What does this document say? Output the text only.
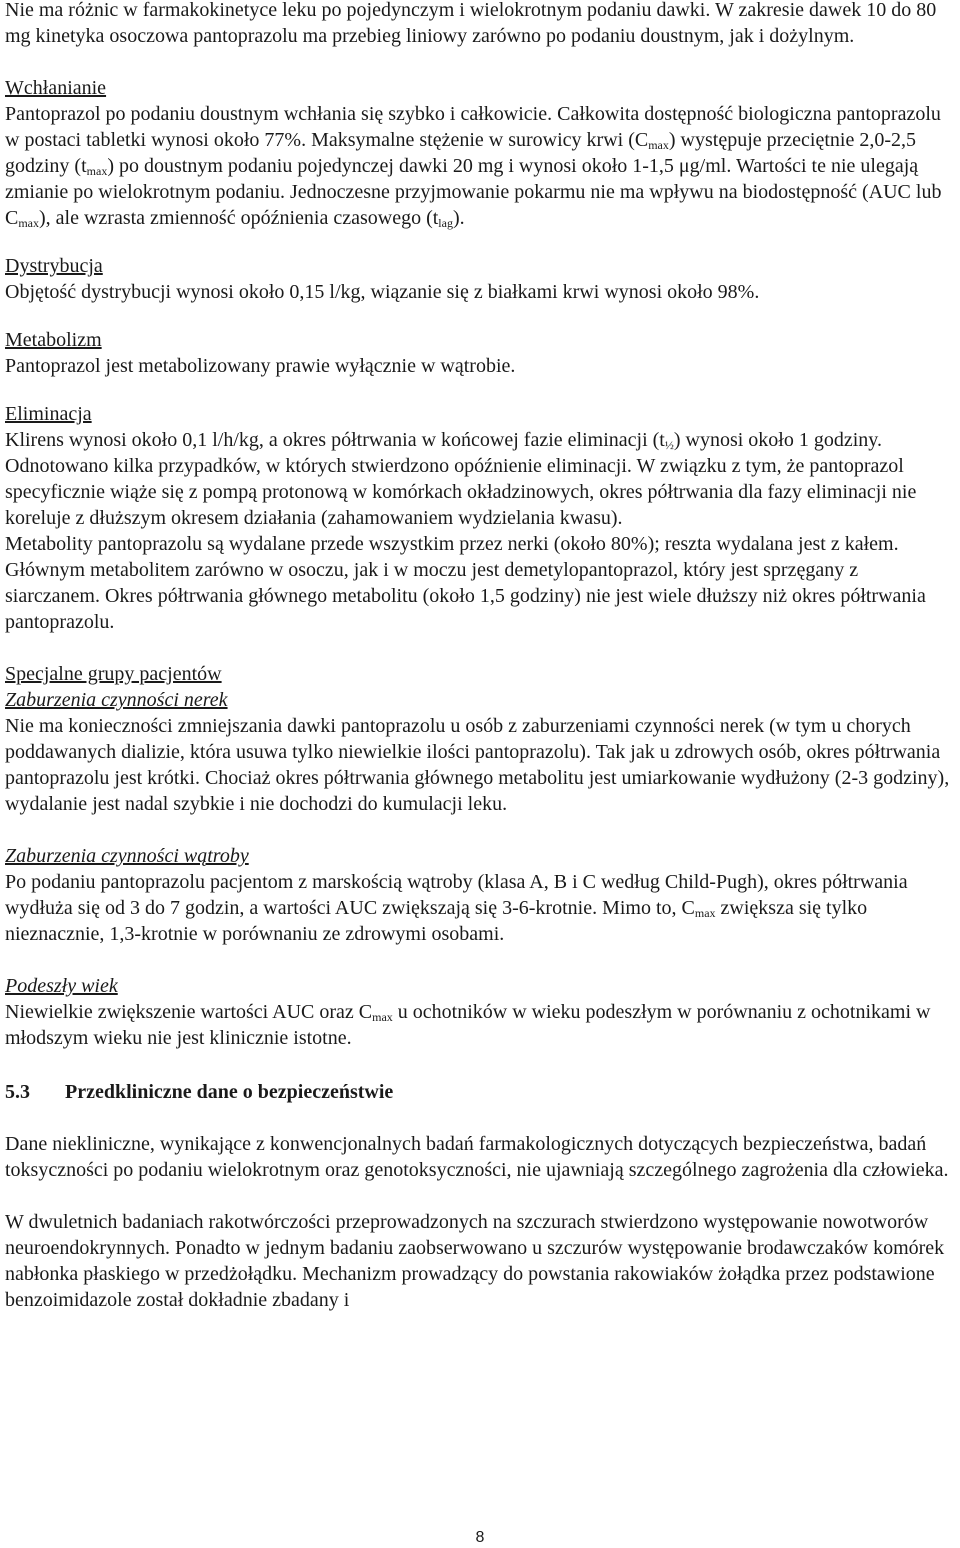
Nie ma różnic w farmakokinetyce leku po pojedynczym i wielokrotnym podaniu dawki. W zakresie dawek 10 do 80 mg kinetyka osoczowa pantoprazolu ma przebieg liniowy zarówno po podaniu doustnym, jak i dożylnym.

Wchłanianie

Pantoprazol po podaniu doustnym wchłania się szybko i całkowicie. Całkowita dostępność biologiczna pantoprazolu w postaci tabletki wynosi około 77%. Maksymalne stężenie w surowicy krwi $(C_{max})$ występuje przeciętnie 2,0-2,5 godziny $(t_{max})$ po doustnym podaniu pojedynczej dawki 20 mg i wynosi około 1-1,5 μg/ml. Wartości te nie ulegają zmianie po wielokrotnym podaniu. Jednoczesne przyjmowanie pokarmu nie ma wpływu na biodostępność (AUC lub $C_{max}$), ale wzrasta zmienność opóźnienia czasowego $(t_{lag})$.

Dystrybucja

Objętość dystrybucji wynosi około 0,15 l/kg, wiązanie się z białkami krwi wynosi około 98%.

Metabolizm

Pantoprazol jest metabolizowany prawie wyłącznie w wątrobie.

Eliminacja

Klirens wynosi około 0,1 l/h/kg, a okres półtrwania w końcowej fazie eliminacji $(t_{\frac{1}{2}})$ wynosi około 1 godziny. Odnotowano kilka przypadków, w których stwierdzono opóźnienie eliminacji. W związku z tym, że pantoprazol specyficznie wiąże się z pompą protonową w komórkach okładzinowych, okres półtrwania dla fazy eliminacji nie koreluje z dłuższym okresem działania (zahamowaniem wydzielania kwasu).

Metabolity pantoprazolu są wydalane przede wszystkim przez nerki (około 80%); reszta wydalana jest z kałem. Głównym metabolitem zarówno w osoczu, jak i w moczu jest demetylopantoprazol, który jest sprzęgany z siarczanem. Okres półtrwania głównego metabolitu (około 1,5 godziny) nie jest wiele dłuższy niż okres półtrwania pantoprazolu.

Specjalne grupy pacjentów

Zaburzenia czynności nerek

Nie ma konieczności zmniejszania dawki pantoprazolu u osób z zaburzeniami czynności nerek (w tym u chorych poddawanych dializie, która usuwa tylko niewielkie ilości pantoprazolu). Tak jak u zdrowych osób, okres półtrwania pantoprazolu jest krótki. Chociaż okres półtrwania głównego metabolitu jest umiarkowanie wydłużony (2-3 godziny), wydalanie jest nadal szybkie i nie dochodzi do kumulacji leku.

Zaburzenia czynności wątroby

Po podaniu pantoprazolu pacjentom z marskością wątroby (klasa A, B i C według Child-Pugh), okres półtrwania wydłuża się od 3 do 7 godzin, a wartości AUC zwiększają się 3-6-krotnie. Mimo to, $C_{max}$ zwiększa się tylko nieznacznie, 1,3-krotnie w porównaniu ze zdrowymi osobami.

Podeszły wiek

Niewielkie zwiększenie wartości AUC oraz $C_{max}$ u ochotników w wieku podeszłym w porównaniu z ochotnikami w młodszym wieku nie jest klinicznie istotne.

5.3 Przedkliniczne dane o bezpieczeństwie

Dane niekliniczne, wynikające z konwencjonalnych badań farmakologicznych dotyczących bezpieczeństwa, badań toksyczności po podaniu wielokrotnym oraz genotoksyczności, nie ujawniają szczególnego zagrożenia dla człowieka.

W dwuletnich badaniach rakotwórczości przeprowadzonych na szczurach stwierdzono występowanie nowotworów neuroendokrynnych. Ponadto w jednym badaniu zaobserwowano u szczurów występowanie brodawczaków komórek nabłonka płaskiego w przedżołądku. Mechanizm prowadzący do powstania rakowiaków żołądka przez podstawione benzoimidazole został dokładnie zbadany i

8
